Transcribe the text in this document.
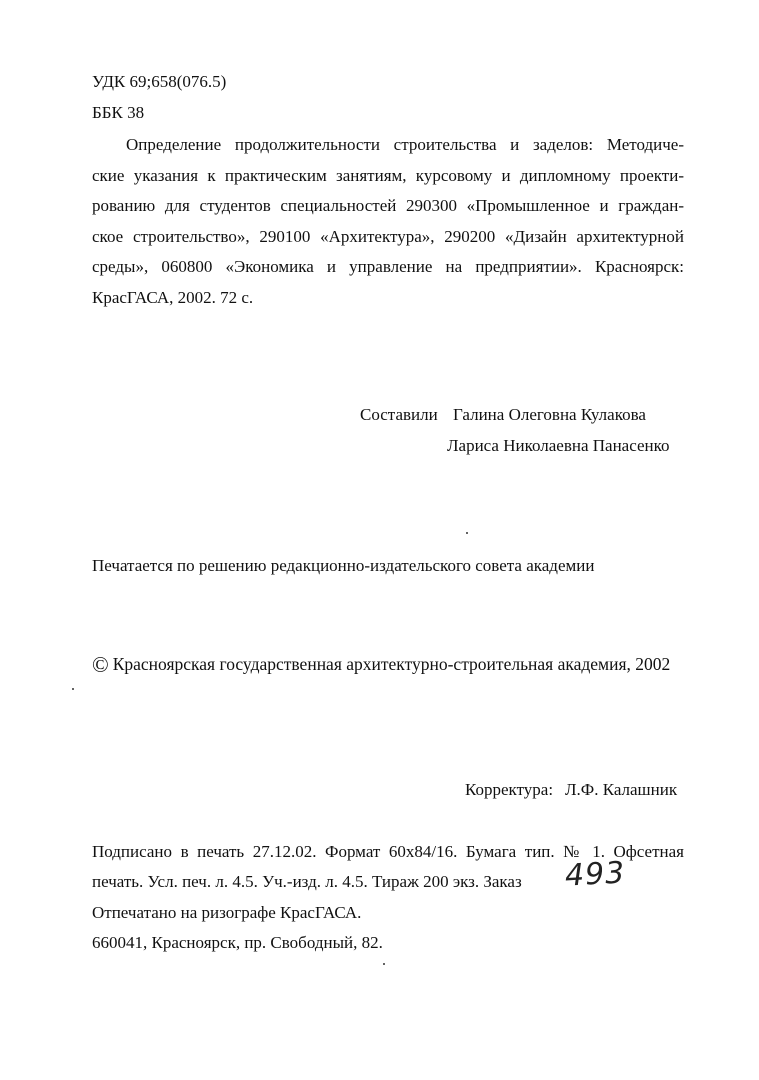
УДК 69;658(076.5)
ББК 38
Определение продолжительности строительства и заделов: Методиче-
ские указания к практическим занятиям, курсовому и дипломному проекти-
рованию для студентов специальностей 290300 «Промышленное и граждан-
ское строительство», 290100 «Архитектура», 290200 «Дизайн архитектурной
среды», 060800 «Экономика и управление на предприятии». Красноярск:
КрасГАСА, 2002. 72 с.
Составили Галина Олеговна Кулакова
Лариса Николаевна Панасенко
Печатается по решению редакционно-издательского совета академии
© Красноярская государственная архитектурно-строительная академия, 2002
Корректура: Л.Ф. Калашник
Подписано в печать 27.12.02. Формат 60x84/16. Бумага тип. № 1. Офсетная
печать. Усл. печ. л. 4.5. Уч.-изд. л. 4.5. Тираж 200 экз. Заказ 493
Отпечатано на ризографе КрасГАСА.
660041, Красноярск, пр. Свободный, 82.
